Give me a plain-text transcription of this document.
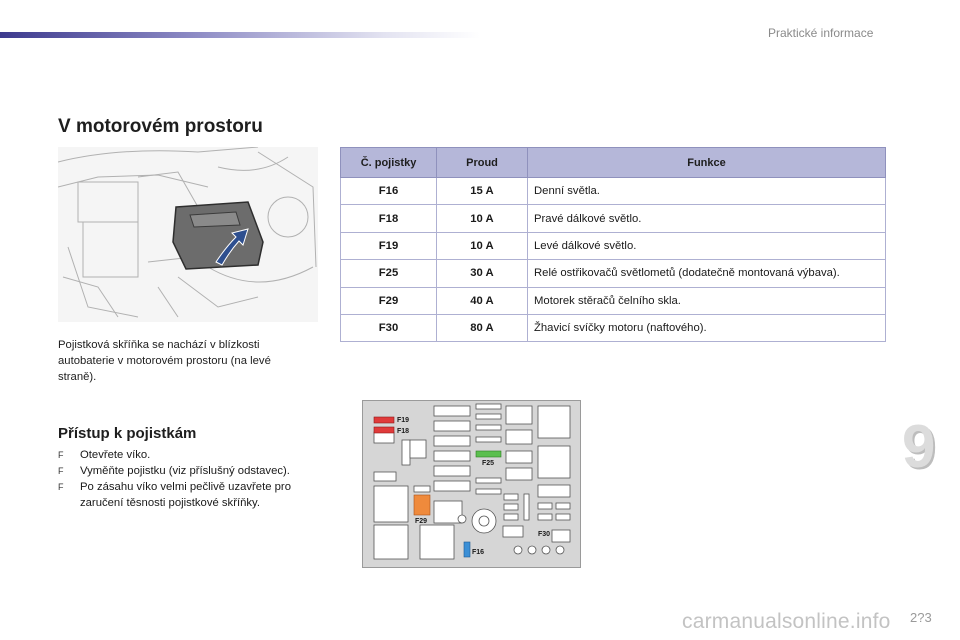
Praktické informace
V motorovém prostoru
Pojistková skříňka se nachází v blízkosti autobaterie v motorovém prostoru (na levé straně).
Přístup k pojistkám
F Otevřete víko.
F Vyměňte pojistku (viz příslušný odstavec).
F Po zásahu víko velmi pečlivě uzavřete pro zaručení těsnosti pojistkové skříňky.
Č. pojistky	Proud	Funkce
F16	15 A	Denní světla.
F18	10 A	Pravé dálkové světlo.
F19	10 A	Levé dálkové světlo.
F25	30 A	Relé ostřikovačů světlometů (dodatečně montovaná výbava).
F29	40 A	Motorek stěračů čelního skla.
F30	80 A	Žhavicí svíčky motoru (naftového).
F19
F18
F25
F29
F30
F16
9
2?3
carmanualsonline.info
